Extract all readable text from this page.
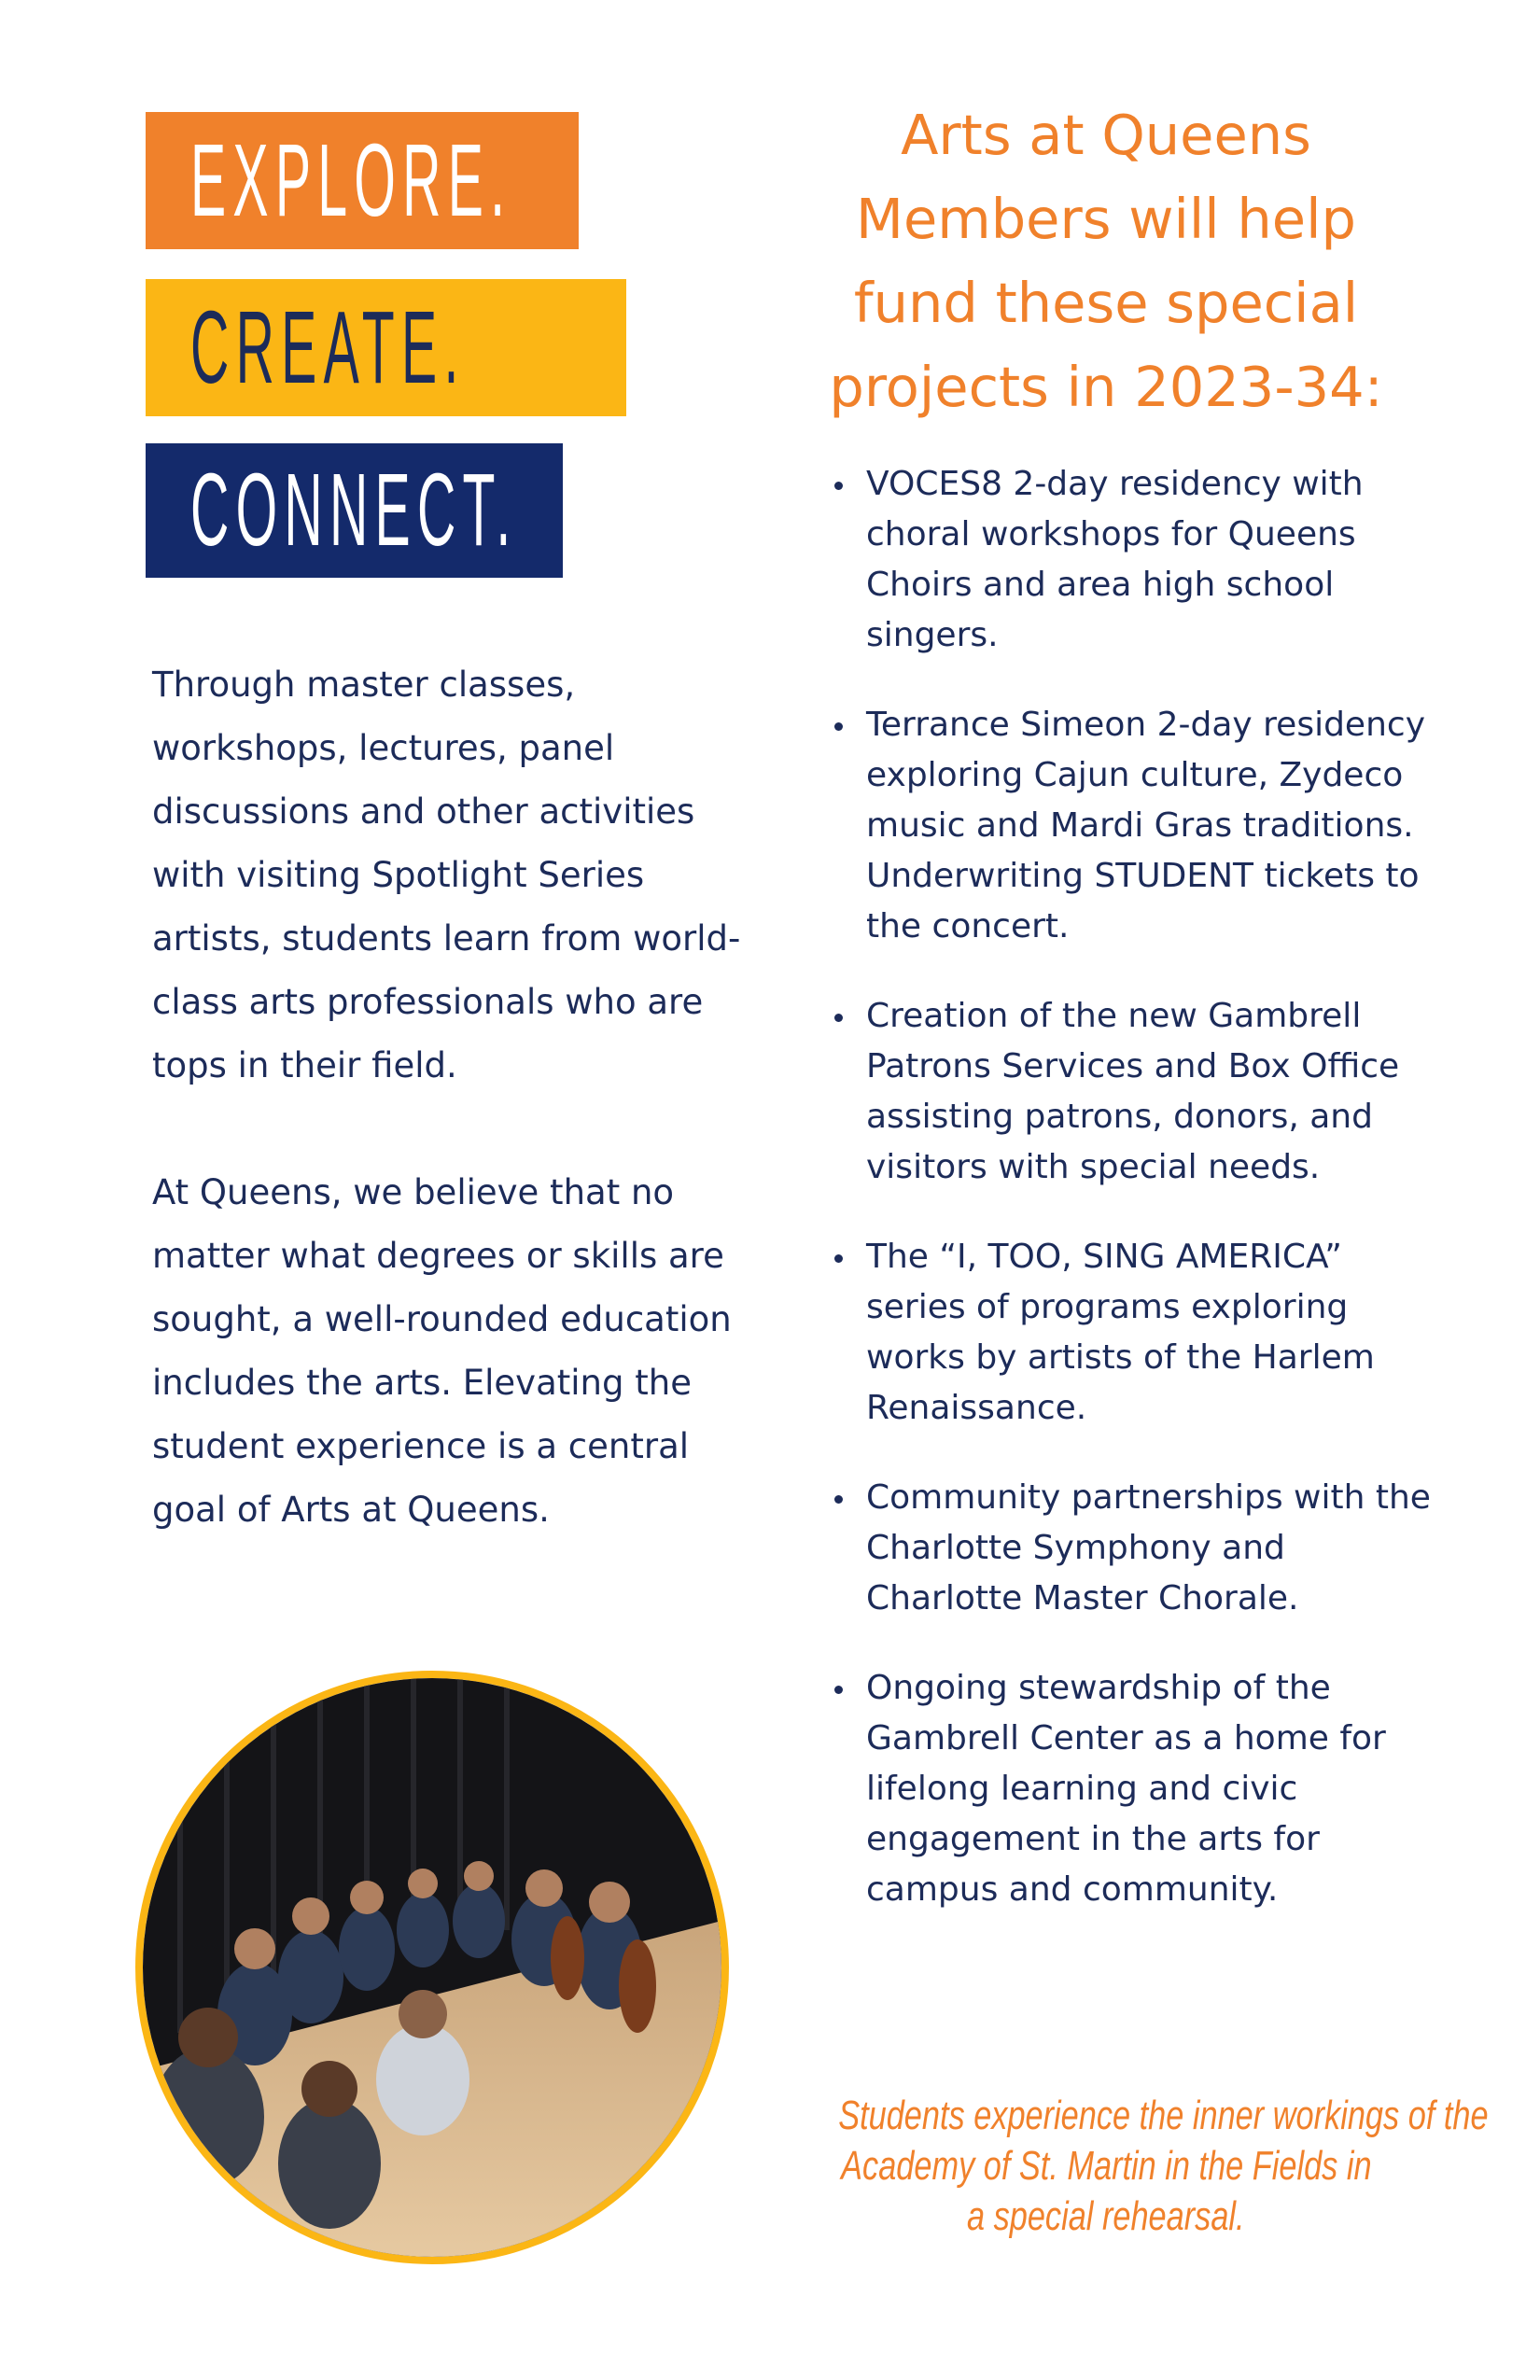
EXPLORE.
CREATE.
CONNECT.

Through master classes, workshops, lectures, panel discussions and other activities with visiting Spotlight Series artists, students learn from world-class arts professionals who are tops in their field.

At Queens, we believe that no matter what degrees or skills are sought, a well-rounded education includes the arts. Elevating the student experience is a central goal of Arts at Queens.

Arts at Queens Members will help fund these special projects in 2023-34:
VOCES8 2-day residency with choral workshops for Queens Choirs and area high school singers.
Terrance Simeon 2-day residency exploring Cajun culture, Zydeco music and Mardi Gras traditions. Underwriting STUDENT tickets to the concert.
Creation of the new Gambrell Patrons Services and Box Office assisting patrons, donors, and visitors with special needs.
The “I, TOO, SING AMERICA” series of programs exploring works by artists of the Harlem Renaissance.
Community partnerships with the Charlotte Symphony and Charlotte Master Chorale.
Ongoing stewardship of the Gambrell Center as a home for lifelong learning and civic engagement in the arts for campus and community.
Students experience the inner workings of the
Academy of St. Martin in the Fields in
a special rehearsal.
